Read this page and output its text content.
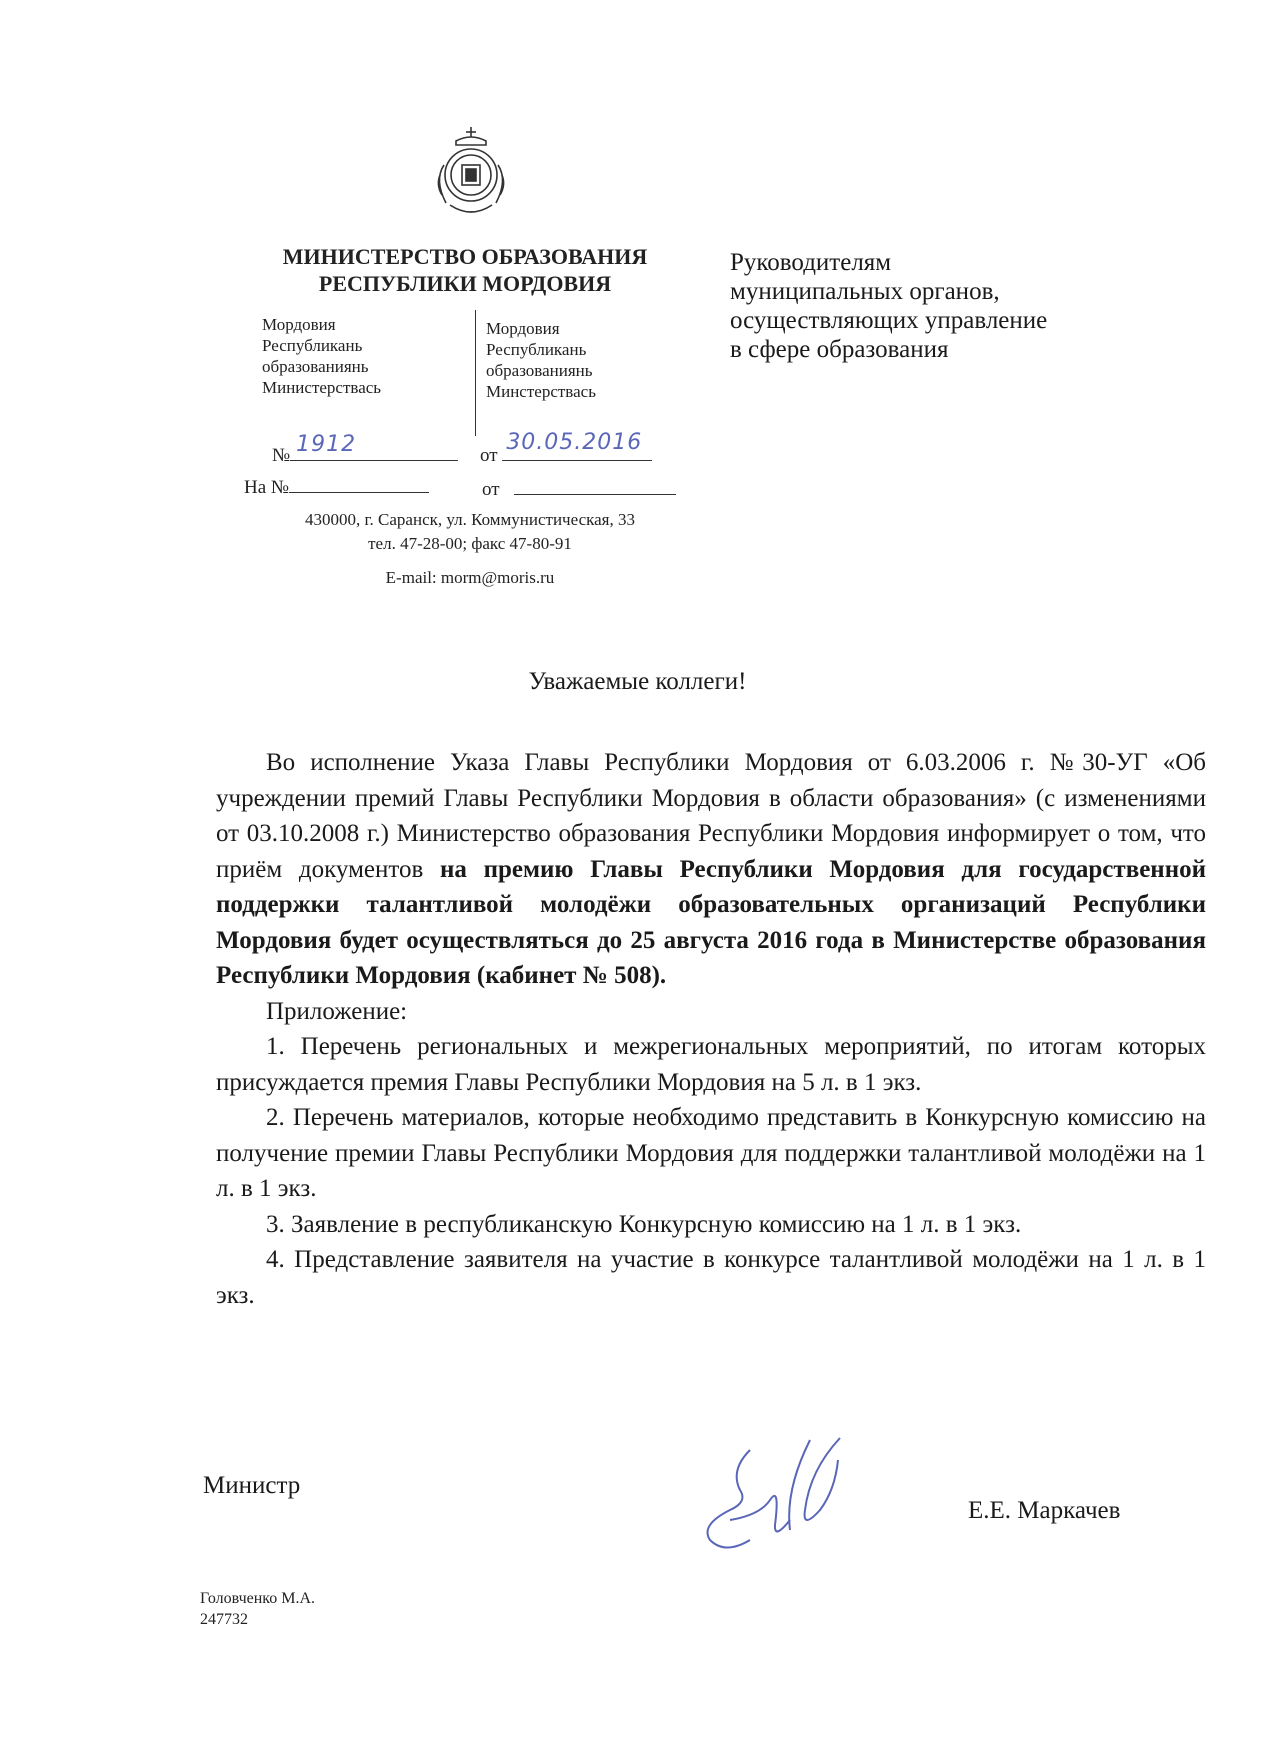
МИНИСТЕРСТВО ОБРАЗОВАНИЯ
РЕСПУБЛИКИ МОРДОВИЯ
Мордовия
Республикань
образованиянь
Министерствась
Мордовия
Республикань
образованиянь
Минстерствась
Руководителям
муниципальных органов,
осуществляющих управление
в сфере образования
№ 1912	от
30.05.2016
На №	от
430000, г. Саранск, ул. Коммунистическая, 33
тел. 47-28-00; факс 47-80-91
E-mail: morm@moris.ru
Уважаемые коллеги!

Во исполнение Указа Главы Республики Мордовия от 6.03.2006 г. №30-УГ «Об учреждении премий Главы Республики Мордовия в области образования» (с изменениями от 03.10.2008 г.) Министерство образования Республики Мордовия информирует о том, что приём документов на премию Главы Республики Мордовия для государственной поддержки талантливой молодёжи образовательных организаций Республики Мордовия будет осуществляться до 25 августа 2016 года в Министерстве образования Республики Мордовия (кабинет № 508).

Приложение:

1. Перечень региональных и межрегиональных мероприятий, по итогам которых присуждается премия Главы Республики Мордовия на 5 л. в 1 экз.

2. Перечень материалов, которые необходимо представить в Конкурсную комиссию на получение премии Главы Республики Мордовия для поддержки талантливой молодёжи на 1 л. в 1 экз.

3. Заявление в республиканскую Конкурсную комиссию на 1 л. в 1 экз.

4. Представление заявителя на участие в конкурсе талантливой молодёжи на 1 л. в 1 экз.

Министр
Е.Е. Маркачев
Головченко М.А.
247732
